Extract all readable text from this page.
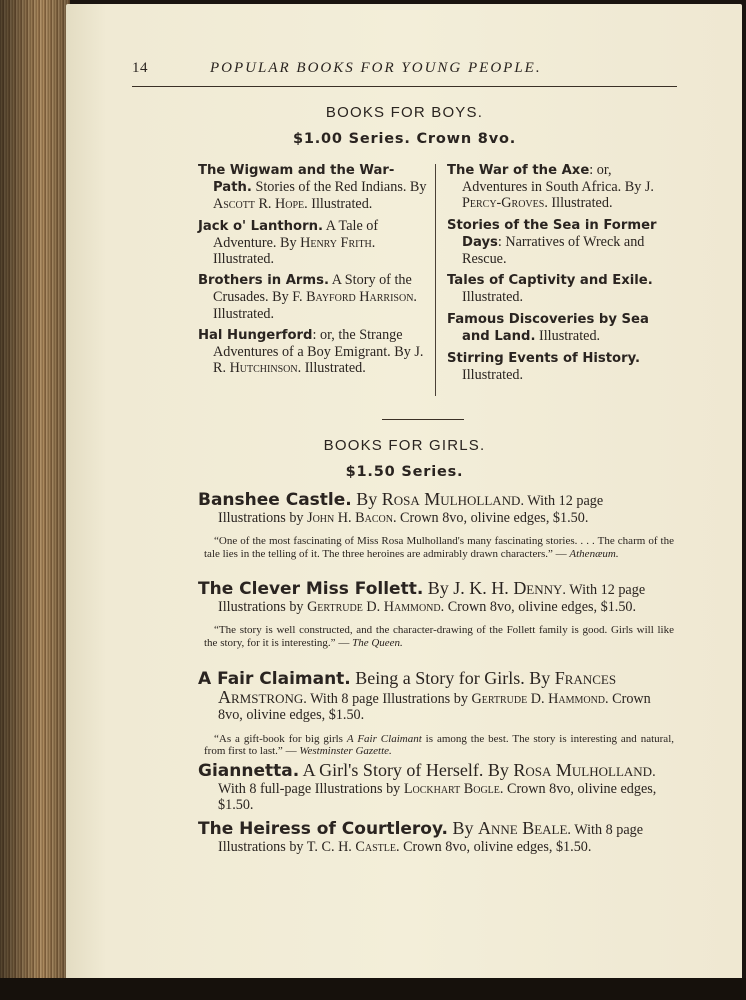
14	POPULAR BOOKS FOR YOUNG PEOPLE.
BOOKS FOR BOYS.
$1.00 Series. Crown 8vo.

The Wigwam and the War-Path. Stories of the Red Indians. By Ascott R. Hope. Illustrated.

Jack o' Lanthorn. A Tale of Adventure. By Henry Frith. Illustrated.

Brothers in Arms. A Story of the Crusades. By F. Bayford Harrison. Illustrated.

Hal Hungerford: or, the Strange Adventures of a Boy Emigrant. By J. R. Hutchinson. Illustrated.

The War of the Axe: or, Adventures in South Africa. By J. Percy-Groves. Illustrated.

Stories of the Sea in Former Days: Narratives of Wreck and Rescue.

Tales of Captivity and Exile. Illustrated.

Famous Discoveries by Sea and Land. Illustrated.

Stirring Events of History. Illustrated.

BOOKS FOR GIRLS.
$1.50 Series.

Banshee Castle. By Rosa Mulholland. With 12 page Illustrations by John H. Bacon. Crown 8vo, olivine edges, $1.50.

“One of the most fascinating of Miss Rosa Mulholland's many fascinating stories. . . . The charm of the tale lies in the telling of it. The three heroines are admirably drawn characters.” — Athenæum.

The Clever Miss Follett. By J. K. H. Denny. With 12 page Illustrations by Gertrude D. Hammond. Crown 8vo, olivine edges, $1.50.

“The story is well constructed, and the character-drawing of the Follett family is good. Girls will like the story, for it is interesting.” — The Queen.

A Fair Claimant. Being a Story for Girls. By Frances Armstrong. With 8 page Illustrations by Gertrude D. Hammond. Crown 8vo, olivine edges, $1.50.

“As a gift-book for big girls A Fair Claimant is among the best. The story is interesting and natural, from first to last.” — Westminster Gazette.

Giannetta. A Girl's Story of Herself. By Rosa Mulholland. With 8 full-page Illustrations by Lockhart Bogle. Crown 8vo, olivine edges, $1.50.

The Heiress of Courtleroy. By Anne Beale. With 8 page Illustrations by T. C. H. Castle. Crown 8vo, olivine edges, $1.50.
